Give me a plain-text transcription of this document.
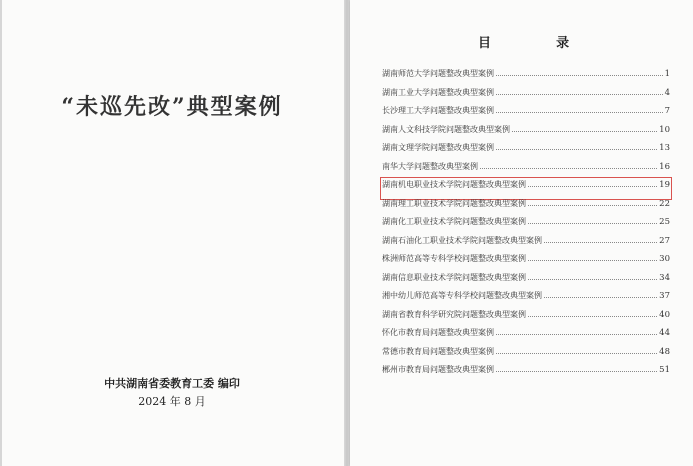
“未巡先改”典型案例
中共湖南省委教育工委 编印
2024 年 8 月
目	录
湖南师范大学问题整改典型案例	1
湖南工业大学问题整改典型案例	4
长沙理工大学问题整改典型案例	7
湖南人文科技学院问题整改典型案例	10
湖南文理学院问题整改典型案例	13
南华大学问题整改典型案例	16
湖南机电职业技术学院问题整改典型案例	19
湖南理工职业技术学院问题整改典型案例	22
湖南化工职业技术学院问题整改典型案例	25
湖南石油化工职业技术学院问题整改典型案例	27
株洲师范高等专科学校问题整改典型案例	30
湖南信息职业技术学院问题整改典型案例	34
湘中幼儿师范高等专科学校问题整改典型案例	37
湖南省教育科学研究院问题整改典型案例	40
怀化市教育局问题整改典型案例	44
常德市教育局问题整改典型案例	48
郴州市教育局问题整改典型案例	51
